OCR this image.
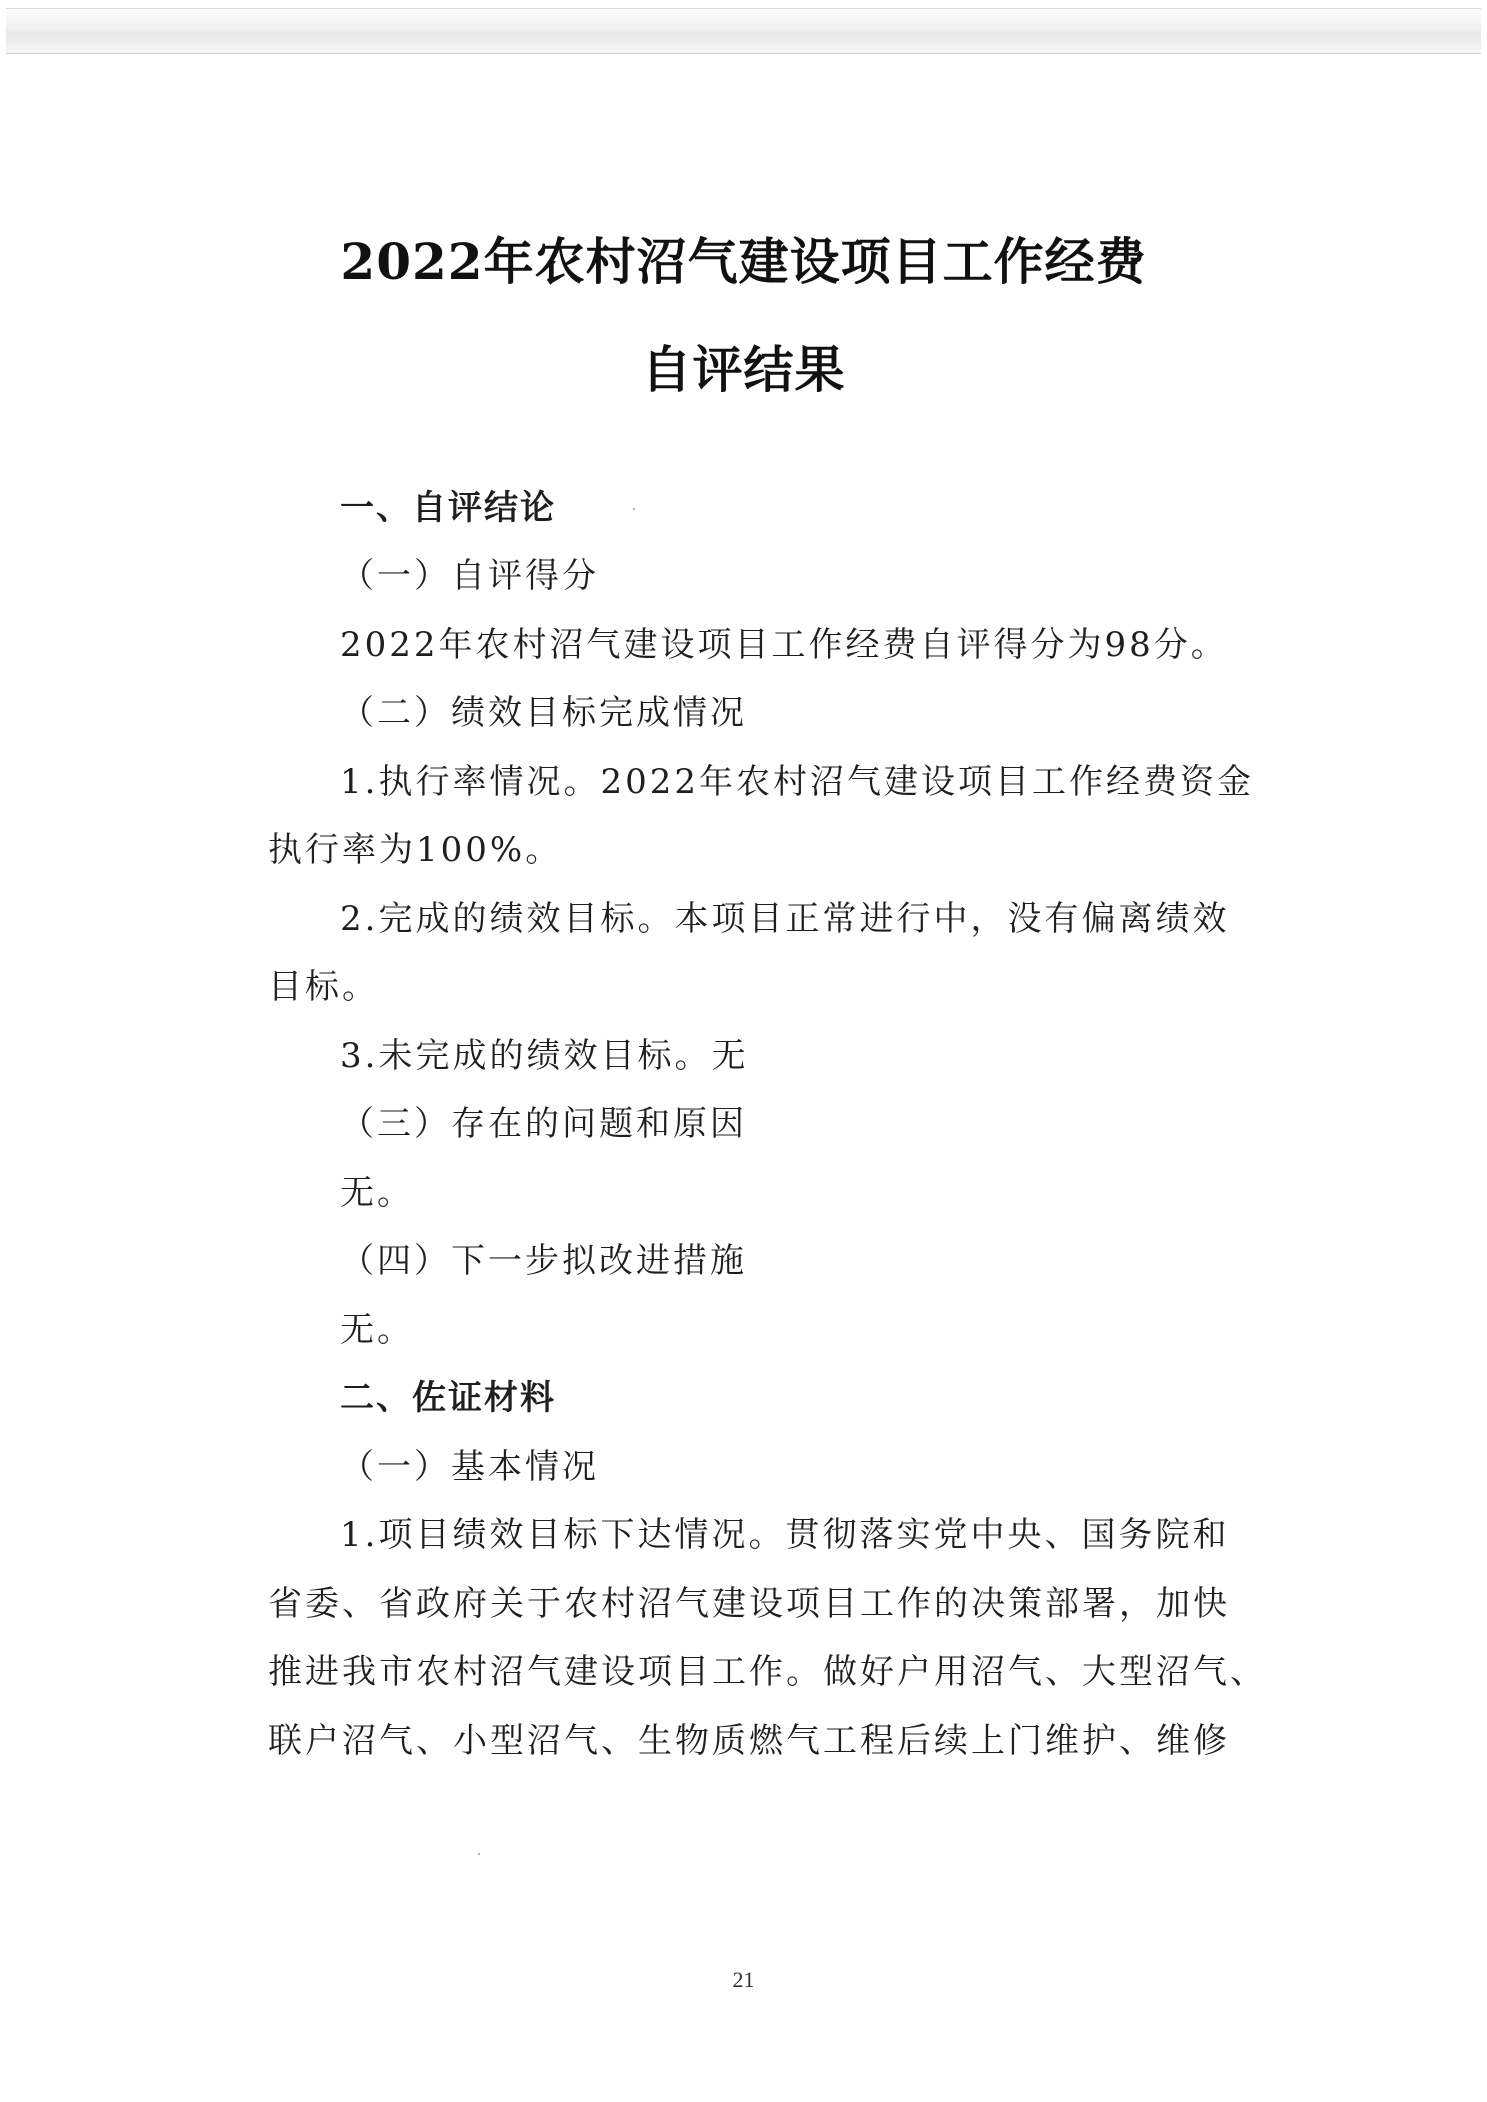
2022年农村沼气建设项目工作经费
自评结果
一、自评结论
（一）自评得分
2022年农村沼气建设项目工作经费自评得分为98分。
（二）绩效目标完成情况
1.执行率情况。2022年农村沼气建设项目工作经费资金
执行率为100%。
2.完成的绩效目标。本项目正常进行中，没有偏离绩效
目标。
3.未完成的绩效目标。无
（三）存在的问题和原因
无。
（四）下一步拟改进措施
无。
二、佐证材料
（一）基本情况
1.项目绩效目标下达情况。贯彻落实党中央、国务院和
省委、省政府关于农村沼气建设项目工作的决策部署，加快
推进我市农村沼气建设项目工作。做好户用沼气、大型沼气、
联户沼气、小型沼气、生物质燃气工程后续上门维护、维修
21
